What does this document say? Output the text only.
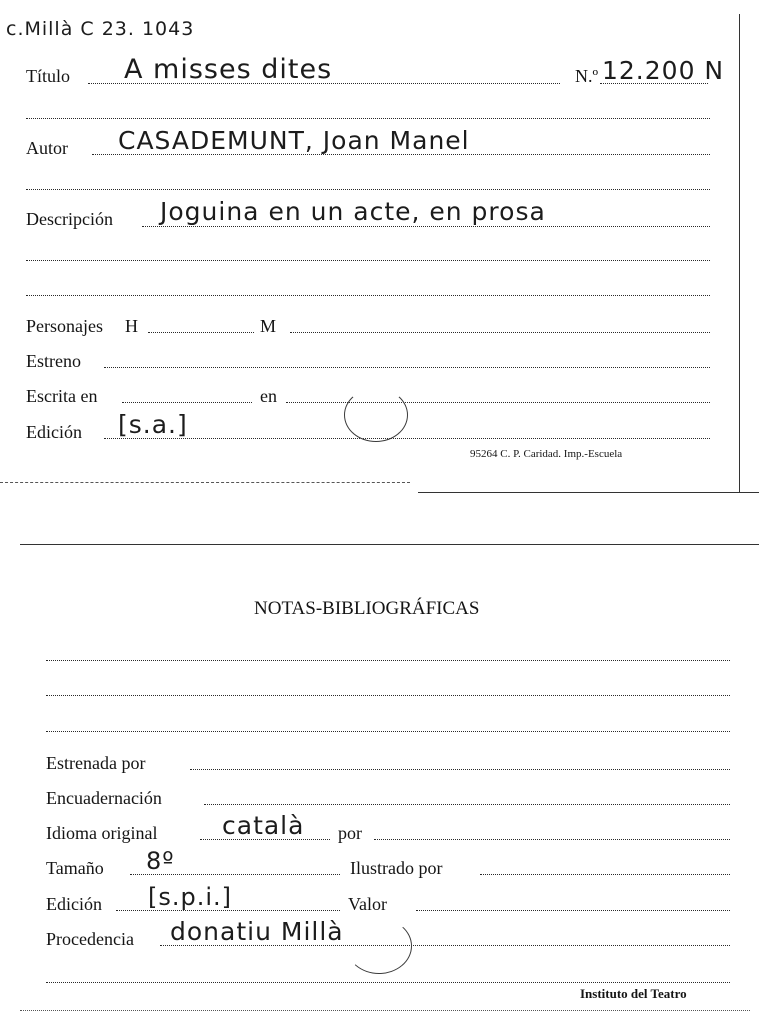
c.Millà C 23. 1043
Título A misses dites	N.º 12.200 N
Autor CASADEMUNT, Joan Manel
Descripción Joguina en un acte, en prosa
Personajes H	M
Estreno
Escrita en	en
Edición [s.a.]
95264 C. P. Caridad. Imp.-Escuela
NOTAS-BIBLIOGRÁFICAS
Estrenada por
Encuadernación
Idioma original	català por
Tamaño 8º	Ilustrado por
Edición [s.p.i.]	Valor
Procedencia donatiu Millà
Instituto del Teatro
